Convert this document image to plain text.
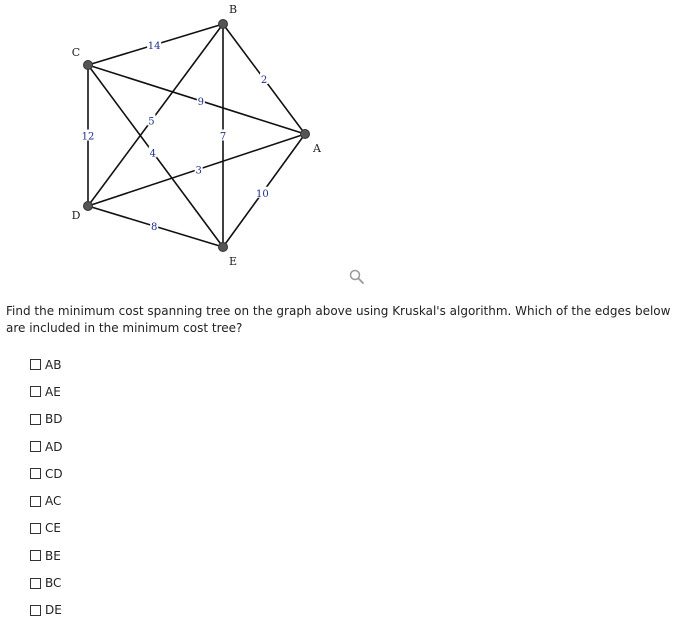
14
2
9
4
12
5
7
3
10
8
A
B
C
D
E
Find the minimum cost spanning tree on the graph above using Kruskal's algorithm. Which of the edges below are included in the minimum cost tree?
AB
AE
BD
AD
CD
AC
CE
BE
BC
DE
